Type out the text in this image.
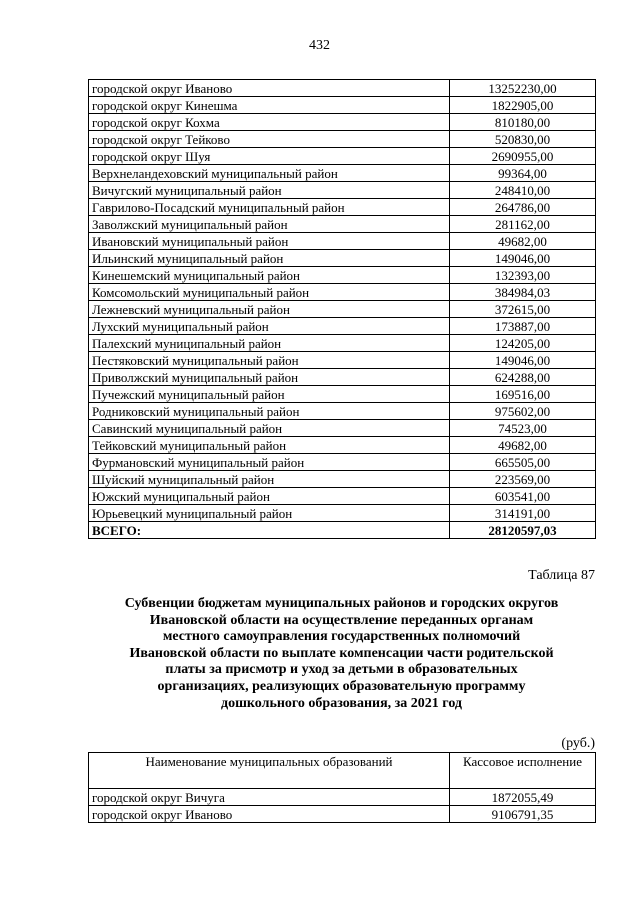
432
городской округ Иваново	13252230,00
городской округ Кинешма	1822905,00
городской округ Кохма	810180,00
городской округ Тейково	520830,00
городской округ Шуя	2690955,00
Верхнеландеховский муниципальный район	99364,00
Вичугский муниципальный район	248410,00
Гаврилово-Посадский муниципальный район	264786,00
Заволжский муниципальный район	281162,00
Ивановский муниципальный район	49682,00
Ильинский муниципальный район	149046,00
Кинешемский муниципальный район	132393,00
Комсомольский муниципальный район	384984,03
Лежневский муниципальный район	372615,00
Лухский муниципальный район	173887,00
Палехский муниципальный район	124205,00
Пестяковский муниципальный район	149046,00
Приволжский муниципальный район	624288,00
Пучежский муниципальный район	169516,00
Родниковский муниципальный район	975602,00
Савинский муниципальный район	74523,00
Тейковский муниципальный район	49682,00
Фурмановский муниципальный район	665505,00
Шуйский муниципальный район	223569,00
Южский муниципальный район	603541,00
Юрьевецкий муниципальный район	314191,00
ВСЕГО:	28120597,03
Таблица 87
Субвенции бюджетам муниципальных районов и городских округов
Ивановской области на осуществление переданных органам
местного самоуправления государственных полномочий
Ивановской области по выплате компенсации части родительской
платы за присмотр и уход за детьми в образовательных
организациях, реализующих образовательную программу
дошкольного образования, за 2021 год
(руб.)
Наименование муниципальных образований	Кассовое исполнение
городской округ Вичуга	1872055,49
городской округ Иваново	9106791,35
